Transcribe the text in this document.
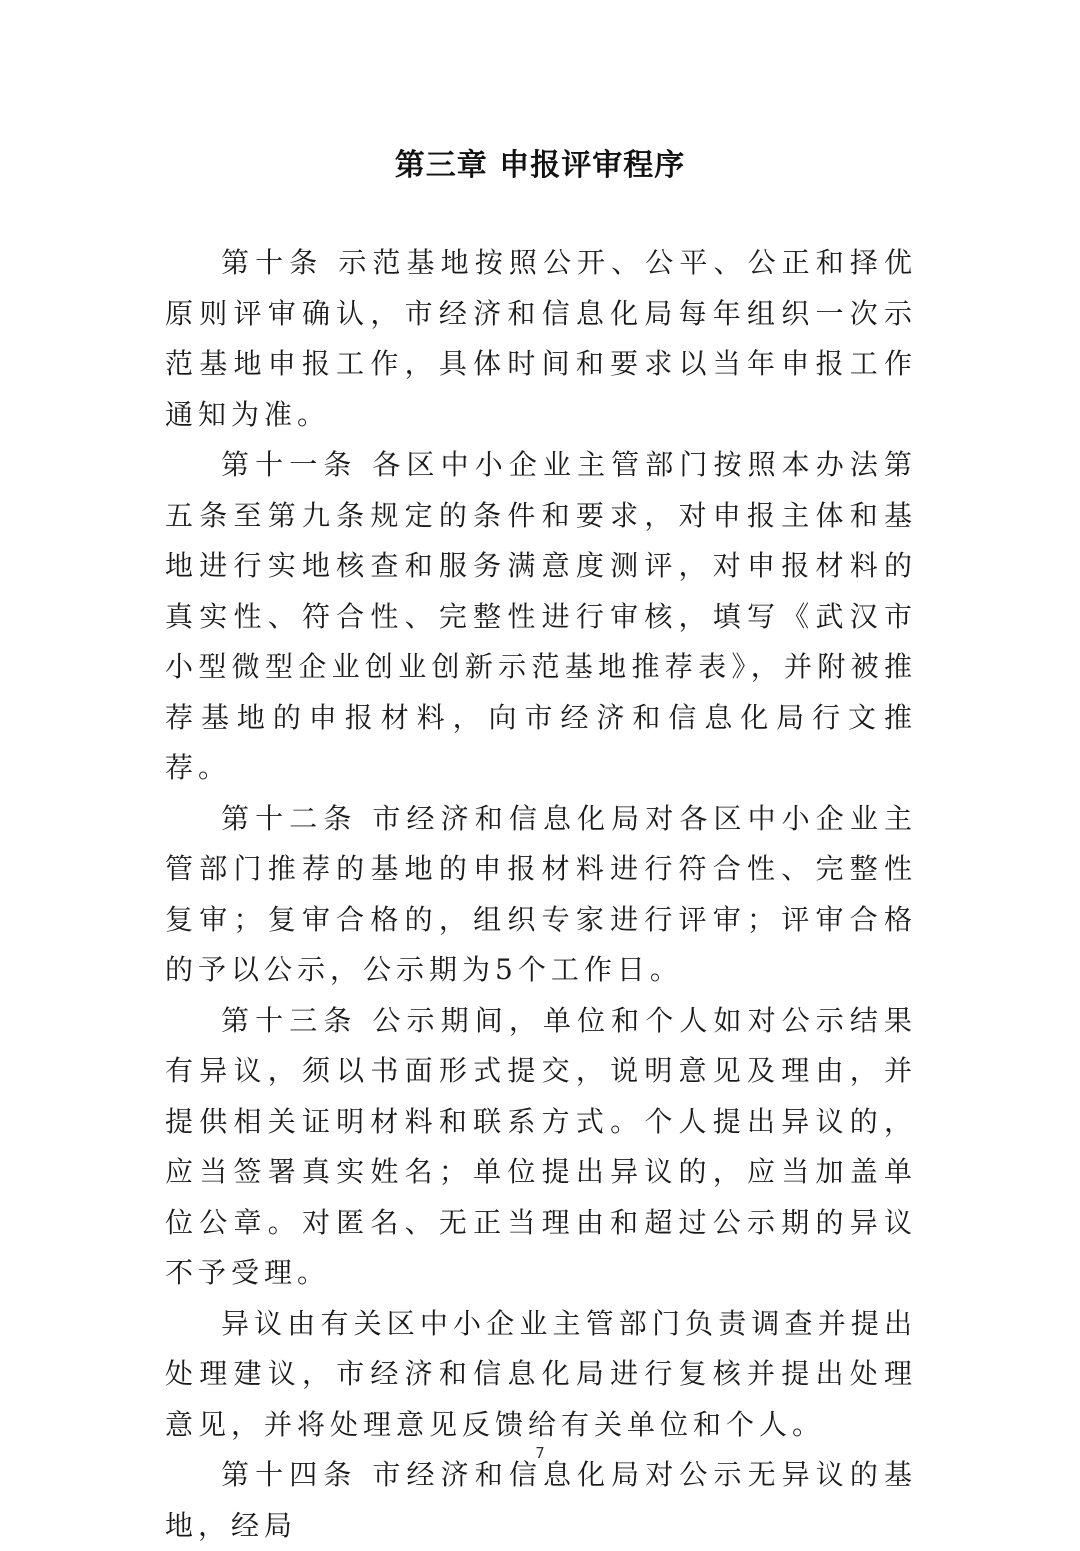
第三章 申报评审程序

第十条 示范基地按照公开、公平、公正和择优原则评审确认，市经济和信息化局每年组织一次示范基地申报工作，具体时间和要求以当年申报工作通知为准。

第十一条 各区中小企业主管部门按照本办法第五条至第九条规定的条件和要求，对申报主体和基地进行实地核查和服务满意度测评，对申报材料的真实性、符合性、完整性进行审核，填写《武汉市小型微型企业创业创新示范基地推荐表》，并附被推荐基地的申报材料，向市经济和信息化局行文推荐。

第十二条 市经济和信息化局对各区中小企业主管部门推荐的基地的申报材料进行符合性、完整性复审；复审合格的，组织专家进行评审；评审合格的予以公示，公示期为5个工作日。

第十三条 公示期间，单位和个人如对公示结果有异议，须以书面形式提交，说明意见及理由，并提供相关证明材料和联系方式。个人提出异议的，应当签署真实姓名；单位提出异议的，应当加盖单位公章。对匿名、无正当理由和超过公示期的异议不予受理。

异议由有关区中小企业主管部门负责调查并提出处理建议，市经济和信息化局进行复核并提出处理意见，并将处理意见反馈给有关单位和个人。

第十四条 市经济和信息化局对公示无异议的基地，经局

7
